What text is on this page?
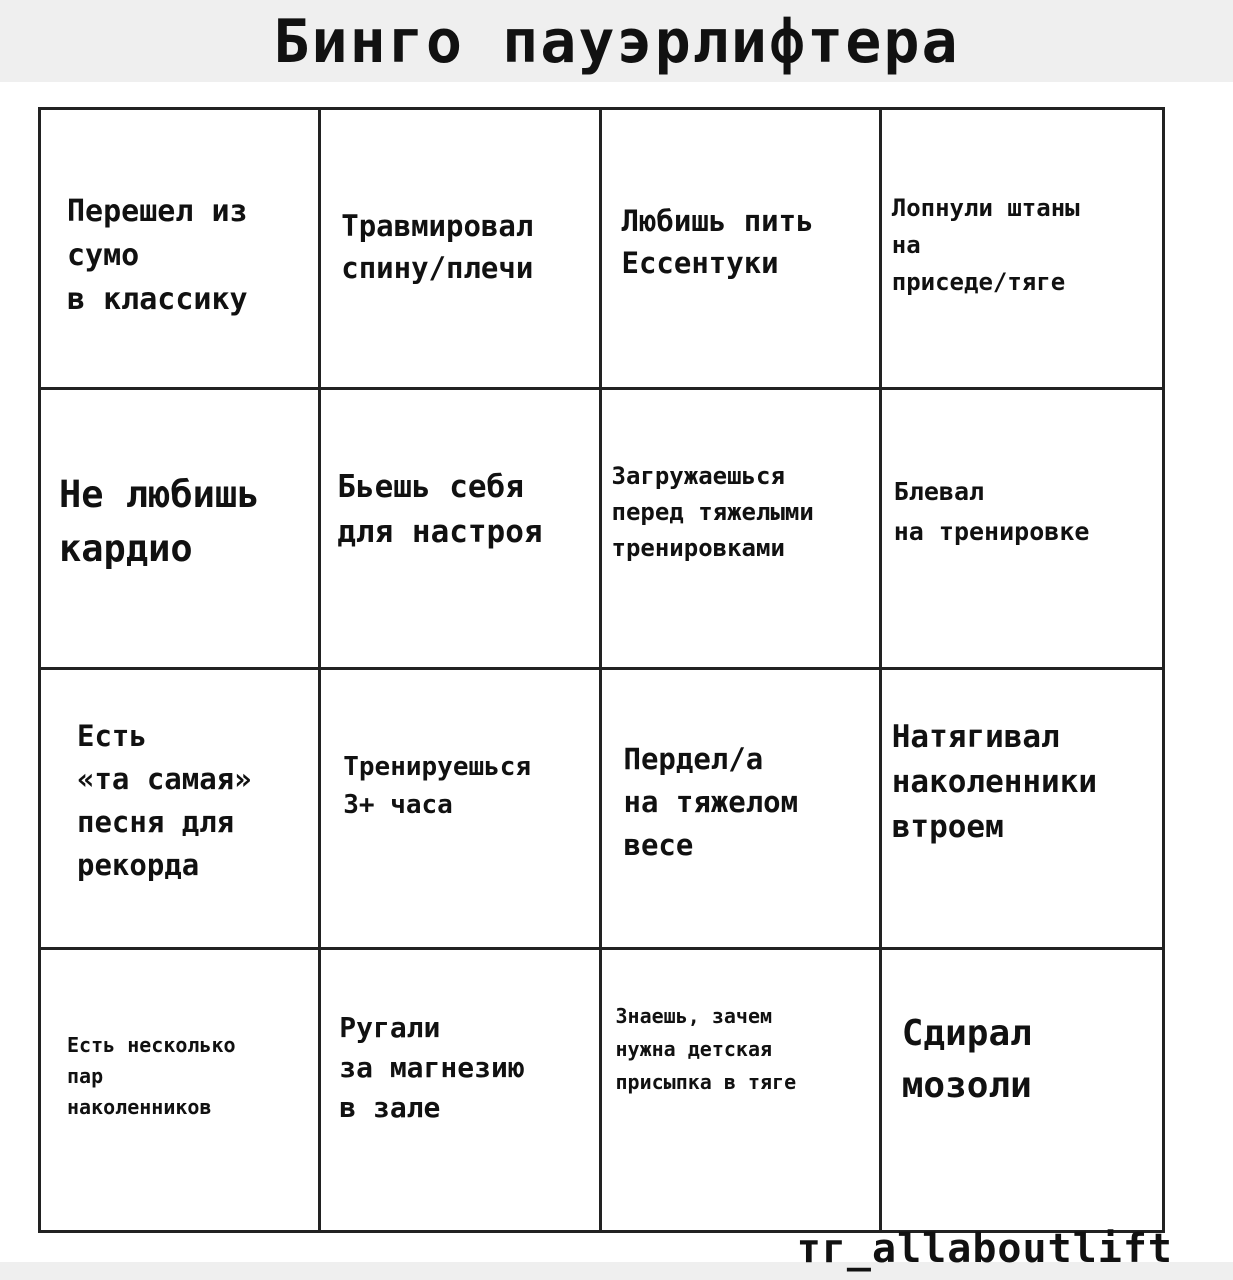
Бинго пауэрлифтера
Перешел из
сумо
в классику
Травмировал
спину/плечи
Любишь пить
Ессентуки
Лопнули штаны
на
приседе/тяге
Не любишь
кардио
Бьешь себя
для настроя
Загружаешься
перед тяжелыми
тренировками
Блевал
на тренировке
Есть
«та самая»
песня для
рекорда
Тренируешься
3+ часа
Пердел/а
на тяжелом
весе
Натягивал
наколенники
втроем
Есть несколько
пар
наколенников
Ругали
за магнезию
в зале
Знаешь, зачем
нужна детская
присыпка в тяге
Сдирал
мозоли
тг_allaboutlift
